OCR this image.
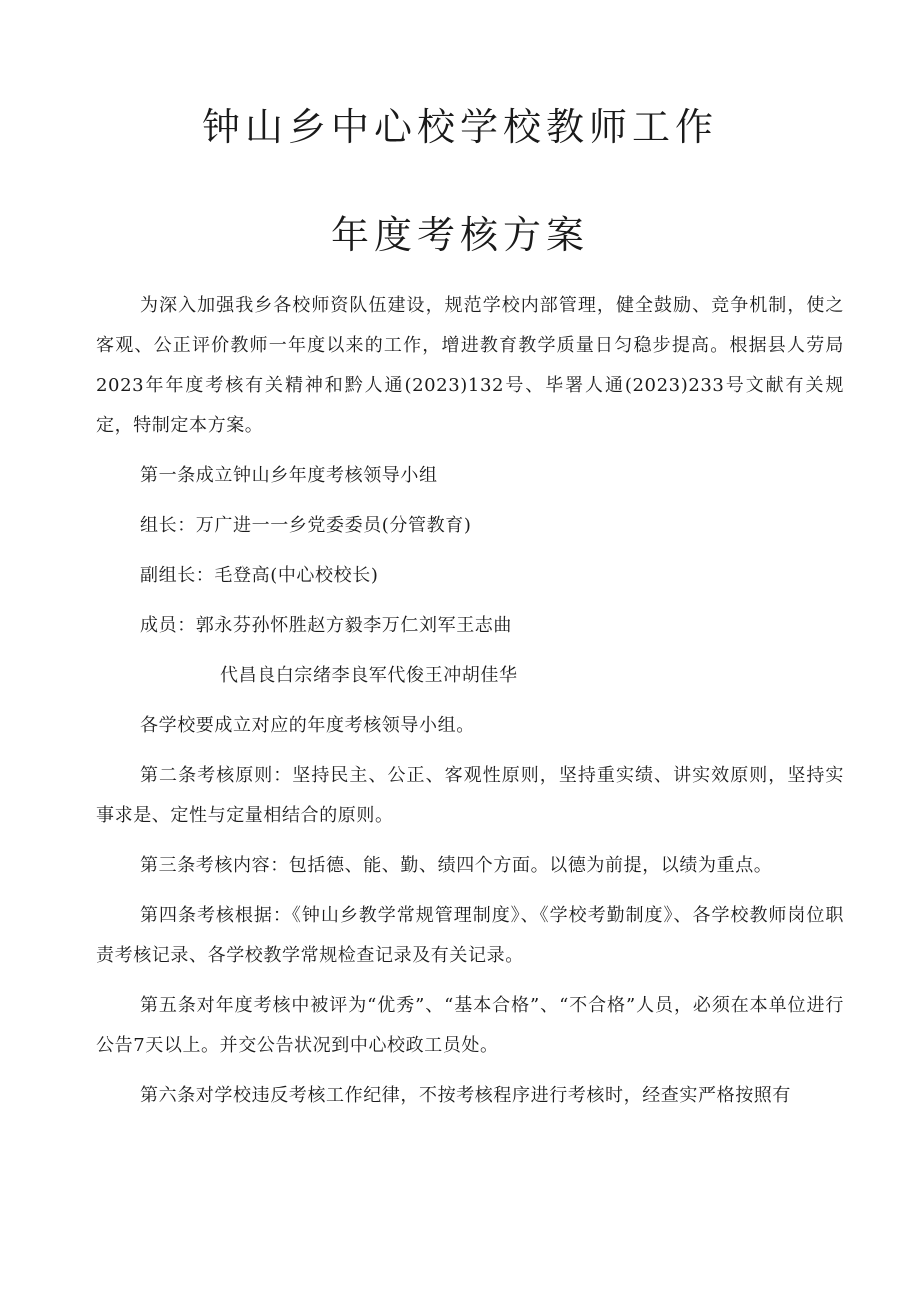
钟山乡中心校学校教师工作
年度考核方案

为深入加强我乡各校师资队伍建设，规范学校内部管理，健全鼓励、竞争机制，使之客观、公正评价教师一年度以来的工作，增进教育教学质量日匀稳步提高。根据县人劳局2023年年度考核有关精神和黔人通(2023)132号、毕署人通(2023)233号文献有关规定，特制定本方案。

第一条成立钟山乡年度考核领导小组

组长：万广进一一乡党委委员(分管教育)

副组长：毛登高(中心校校长)

成员：郭永芬孙怀胜赵方毅李万仁刘军王志曲

代昌良白宗绪李良军代俊王冲胡佳华

各学校要成立对应的年度考核领导小组。

第二条考核原则：坚持民主、公正、客观性原则，坚持重实绩、讲实效原则，坚持实事求是、定性与定量相结合的原则。

第三条考核内容：包括德、能、勤、绩四个方面。以德为前提，以绩为重点。

第四条考核根据：《钟山乡教学常规管理制度》、《学校考勤制度》、各学校教师岗位职责考核记录、各学校教学常规检查记录及有关记录。

第五条对年度考核中被评为“优秀”、“基本合格”、“不合格”人员，必须在本单位进行公告7天以上。并交公告状况到中心校政工员处。

第六条对学校违反考核工作纪律，不按考核程序进行考核时，经查实严格按照有
